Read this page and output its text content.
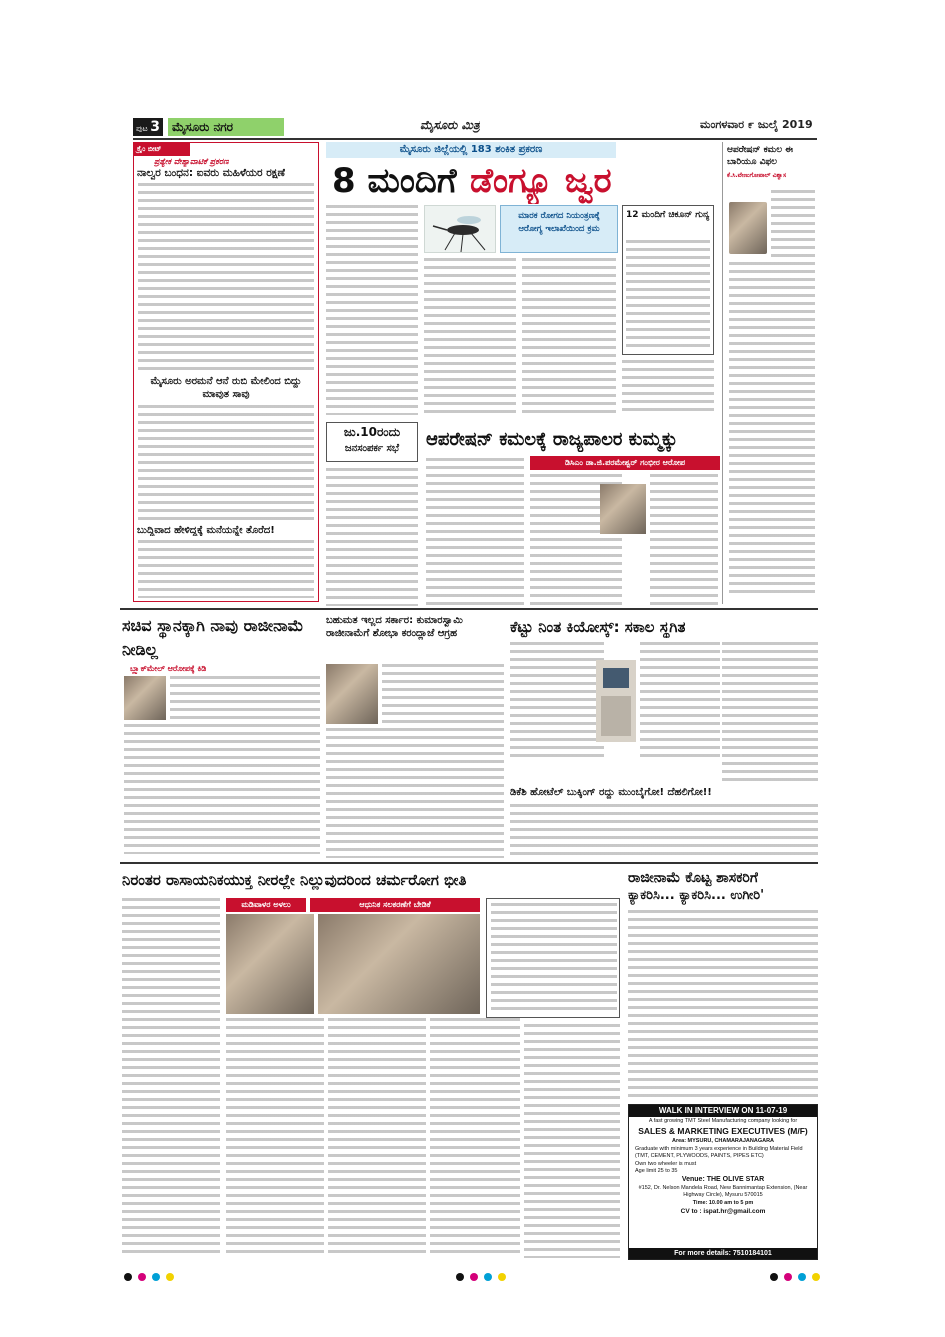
ಪುಟ 3 ಮೈಸೂರು ನಗರ	ಮೈಸೂರು ಮಿತ್ರ	ಮಂಗಳವಾರ ೯ ಜುಲೈ 2019
ಕ್ರೈಂ ಬೀಟ್
ಪ್ರತ್ಯೇಕ ವೇಶ್ಯಾವಾಟಿಕೆ ಪ್ರಕರಣ
ನಾಲ್ವರ ಬಂಧನ: ಐವರು ಮಹಿಳೆಯರ ರಕ್ಷಣೆ
ಮೈಸೂರು ಅರಮನೆ ಆನೆ ರುಬಿ ಮೇಲಿಂದ ಬಿದ್ದು ಮಾವುತ ಸಾವು
ಬುದ್ಧಿವಾದ ಹೇಳಿದ್ದಕ್ಕೆ ಮನೆಯನ್ನೇ ತೊರೆದ!
ಮೈಸೂರು ಜಿಲ್ಲೆಯಲ್ಲಿ 183 ಶಂಕಿತ ಪ್ರಕರಣ
8 ಮಂದಿಗೆ ಡೆಂಗ್ಯೂ ಜ್ವರ
ಮಾರಕ ರೋಗದ ನಿಯಂತ್ರಣಕ್ಕೆ ಆರೋಗ್ಯ ಇಲಾಖೆಯಿಂದ ಕ್ರಮ
12 ಮಂದಿಗೆ ಚಿಕೂನ್ ಗುನ್ಯ
ಆಪರೇಷನ್ ಕಮಲ ಈ ಬಾರಿಯೂ ವಿಫಲ
ಕೆ.ಸಿ.ವೇಣುಗೋಪಾಲ್ ವಿಶ್ವಾಸ
ಜು.10ರಂದು
ಜನಸಂಪರ್ಕ ಸಭೆ	ಆಪರೇಷನ್ ಕಮಲಕ್ಕೆ ರಾಜ್ಯಪಾಲರ ಕುಮ್ಮಕ್ಕು
ಡಿಸಿಎಂ ಡಾ.ಜಿ.ಪರಮೇಶ್ವರ್ ಗಂಭೀರ ಆರೋಪ
ಸಚಿವ ಸ್ಥಾನಕ್ಕಾಗಿ ನಾವು ರಾಜೀನಾಮೆ ನೀಡಿಲ್ಲ
ಬ್ಲ್ಯಾಕ್‌ಮೇಲ್ ಆರೋಪಕ್ಕೆ ಕಿಡಿ
ಬಹುಮತ ಇಲ್ಲದ ಸರ್ಕಾರ: ಕುಮಾರಸ್ವಾಮಿ ರಾಜೀನಾಮೆಗೆ ಶೋಭಾ ಕರಂದ್ಲಾಜೆ ಆಗ್ರಹ	ಕೆಟ್ಟು ನಿಂತ ಕಿಯೋಸ್ಕ್: ಸಕಾಲ ಸ್ಥಗಿತ
ಡಿಕೆಶಿ ಹೋಟೆಲ್ ಬುಕ್ಕಿಂಗ್ ರದ್ದು ಮುಂಬೈಗೋ! ದೆಹಲಿಗೋ!!
ನಿರಂತರ ರಾಸಾಯನಿಕಯುಕ್ತ ನೀರಲ್ಲೇ ನಿಲ್ಲುವುದರಿಂದ ಚರ್ಮರೋಗ ಭೀತಿ
ಮಡಿವಾಳರ ಅಳಲು	ಆಧುನಿಕ ಸಲಕರಣೆಗೆ ಬೇಡಿಕೆ
ರಾಜೀನಾಮೆ ಕೊಟ್ಟ ಶಾಸಕರಿಗೆ
ಕ್ಯಾಕರಿಸಿ... ಕ್ಯಾಕರಿಸಿ... ಉಗೀರಿ'
WALK IN INTERVIEW ON 11-07-19
A fast growing TMT Steel Manufacturing company looking for
SALES & MARKETING EXECUTIVES (M/F)
Area: MYSURU, CHAMARAJANAGARA
Graduate with minimum 3 years experience in Building Material Field (TMT, CEMENT, PLYWOODS, PAINTS, PIPES ETC)
Own two wheeler is must
Age limit 25 to 35
Venue: THE OLIVE STAR
#152, Dr. Nelson Mandela Road, New Bannimantap Extension, (Near Highway Circle), Mysuru 570015
Time: 10.00 am to 5 pm
CV to : ispat.hr@gmail.com
For more details: 7510184101
